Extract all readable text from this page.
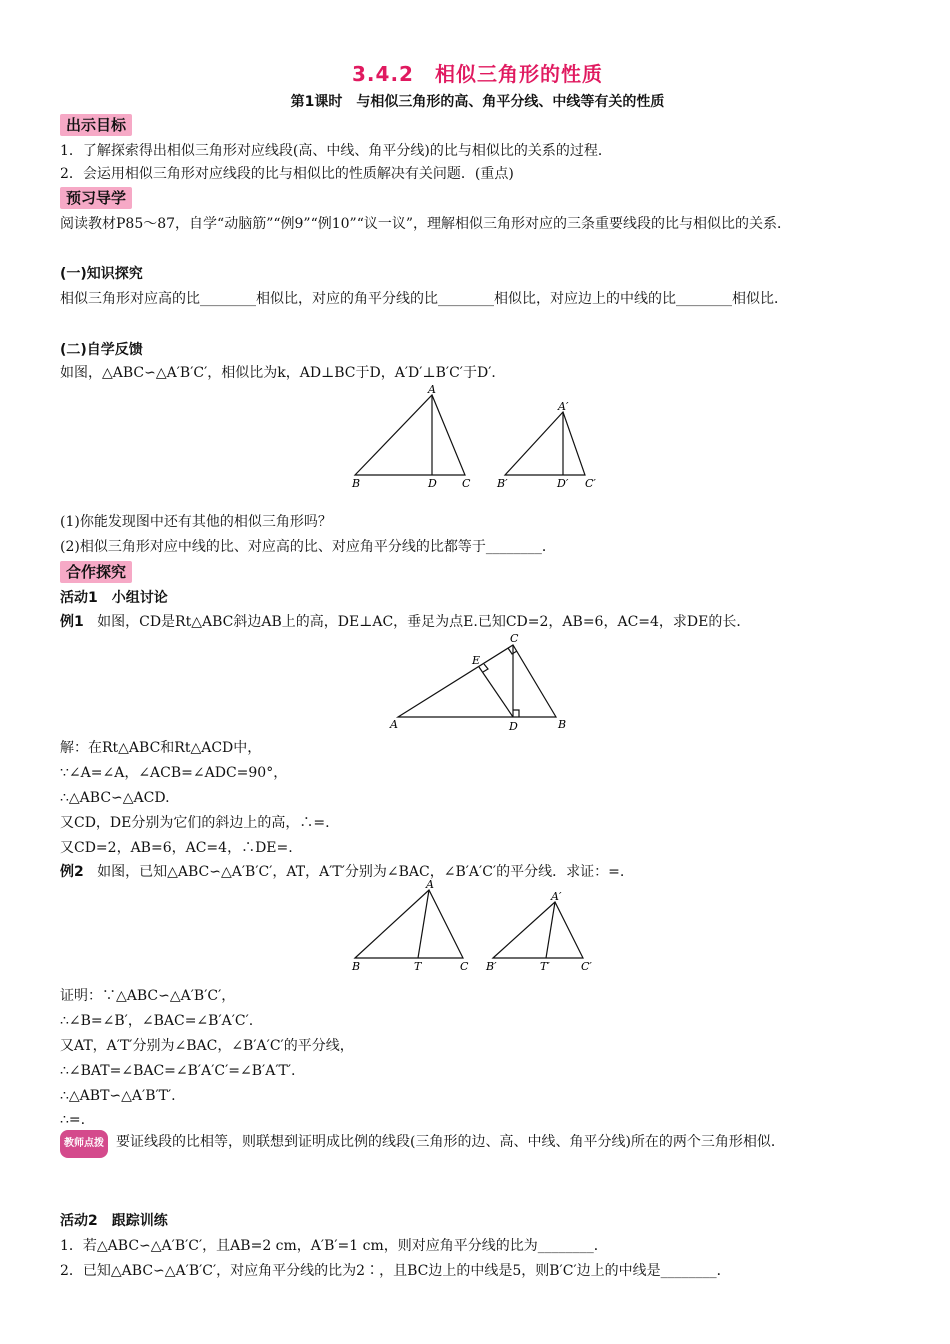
3.4.2　相似三角形的性质
第1课时　与相似三角形的高、角平分线、中线等有关的性质
出示目标
1．了解探索得出相似三角形对应线段(高、中线、角平分线)的比与相似比的关系的过程．
2．会运用相似三角形对应线段的比与相似比的性质解决有关问题．(重点)
预习导学
阅读教材P85～87，自学“动脑筋”“例9”“例10”“议一议”，理解相似三角形对应的三条重要线段的比与相似比的关系．
(一)知识探究
相似三角形对应高的比________相似比，对应的角平分线的比________相似比，对应边上的中线的比________相似比．
(二)自学反馈
如图，△ABC∽△A′B′C′，相似比为k，AD⊥BC于D，A′D′⊥B′C′于D′．
A
B	D C
A′
B′	D′ C′
(1)你能发现图中还有其他的相似三角形吗？
(2)相似三角形对应中线的比、对应高的比、对应角平分线的比都等于________．
合作探究
活动1　小组讨论
例1 如图，CD是Rt△ABC斜边AB上的高，DE⊥AC，垂足为点E.已知CD=2，AB=6，AC=4，求DE的长．
C
E
A	D	B
解：在Rt△ABC和Rt△ACD中，
∵∠A=∠A，∠ACB=∠ADC=90°，
∴△ABC∽△ACD.
又CD，DE分别为它们的斜边上的高，∴=.
又CD=2，AB=6，AC=4，∴DE=.
例2 如图，已知△ABC∽△A′B′C′，AT，A′T′分别为∠BAC，∠B′A′C′的平分线．求证：=.
A
B	T	C
A′
B′	T′	C′
证明：∵△ABC∽△A′B′C′，
∴∠B=∠B′，∠BAC=∠B′A′C′.
又AT，A′T′分别为∠BAC，∠B′A′C′的平分线，
∴∠BAT=∠BAC=∠B′A′C′=∠B′A′T′.
∴△ABT∽△A′B′T′.
∴=.
教师点拨 要证线段的比相等，则联想到证明成比例的线段(三角形的边、高、中线、角平分线)所在的两个三角形相似．
活动2　跟踪训练
1．若△ABC∽△A′B′C′，且AB=2 cm，A′B′=1 cm，则对应角平分线的比为________．
2．已知△ABC∽△A′B′C′，对应角平分线的比为2∶，且BC边上的中线是5，则B′C′边上的中线是________．
